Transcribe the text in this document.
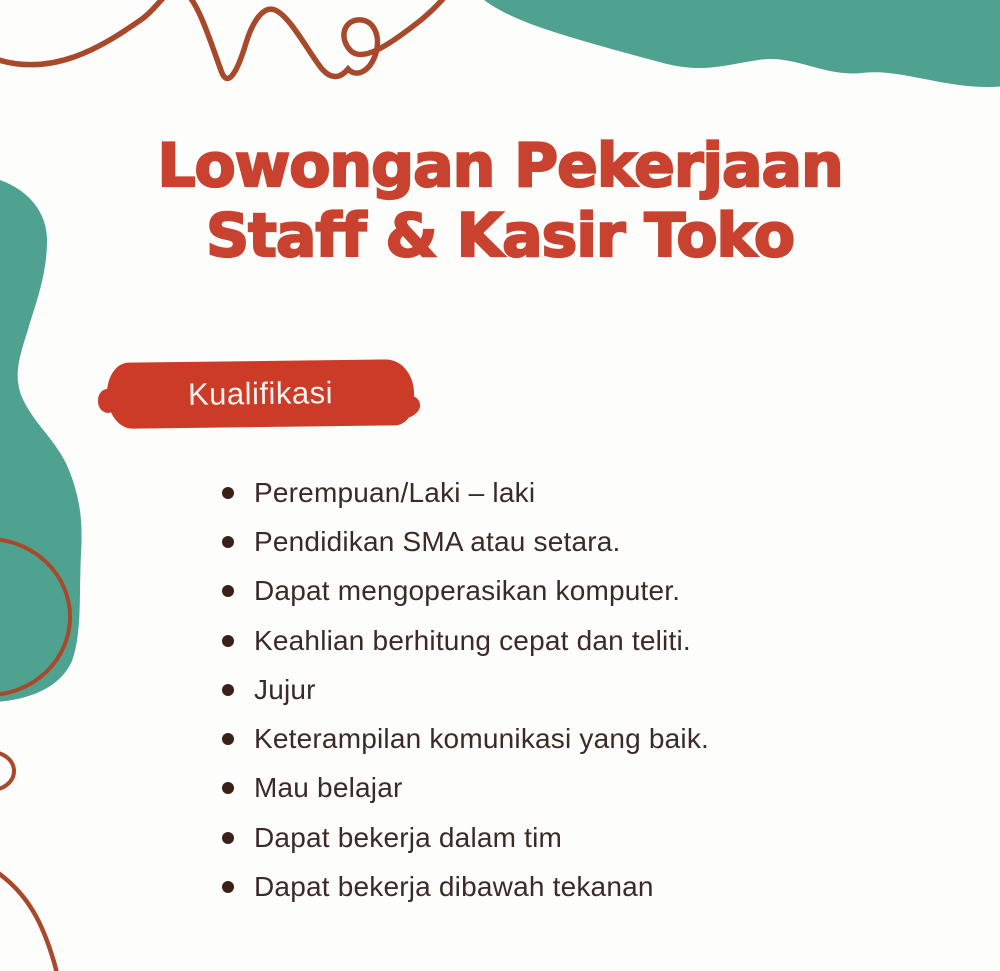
Lowongan Pekerjaan
Staff & Kasir Toko
Kualifikasi
Perempuan/Laki – laki
Pendidikan SMA atau setara.
Dapat mengoperasikan komputer.
Keahlian berhitung cepat dan teliti.
Jujur
Keterampilan komunikasi yang baik.
Mau belajar
Dapat bekerja dalam tim
Dapat bekerja dibawah tekanan
